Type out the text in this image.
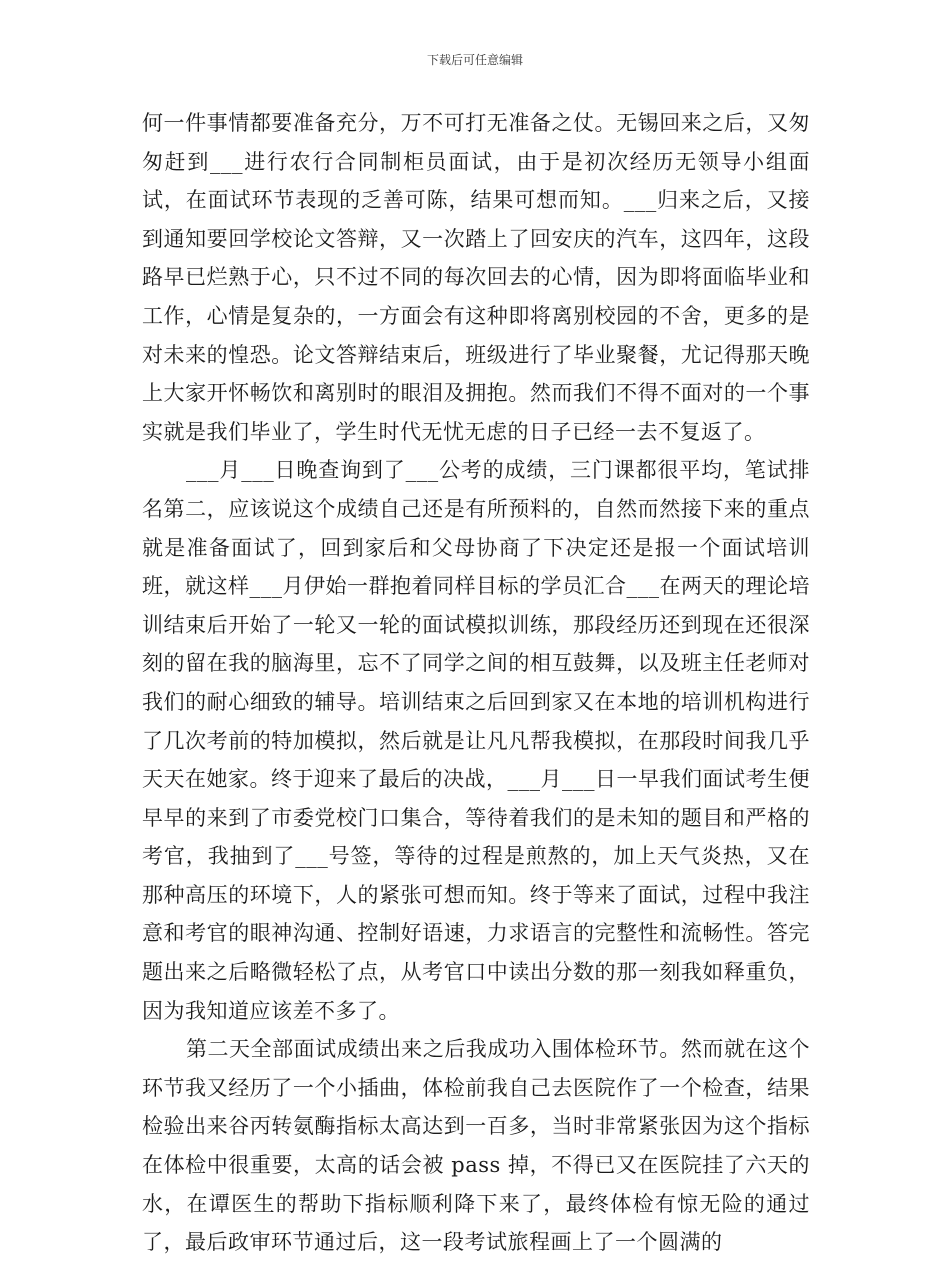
下载后可任意编辑

何一件事情都要准备充分，万不可打无准备之仗。无锡回来之后，又匆匆赶到___进行农行合同制柜员面试，由于是初次经历无领导小组面试，在面试环节表现的乏善可陈，结果可想而知。___归来之后，又接到通知要回学校论文答辩，又一次踏上了回安庆的汽车，这四年，这段路早已烂熟于心，只不过不同的每次回去的心情，因为即将面临毕业和工作，心情是复杂的，一方面会有这种即将离别校园的不舍，更多的是对未来的惶恐。论文答辩结束后，班级进行了毕业聚餐，尤记得那天晚上大家开怀畅饮和离别时的眼泪及拥抱。然而我们不得不面对的一个事实就是我们毕业了，学生时代无忧无虑的日子已经一去不复返了。

___月___日晚查询到了___公考的成绩，三门课都很平均，笔试排名第二，应该说这个成绩自己还是有所预料的，自然而然接下来的重点就是准备面试了，回到家后和父母协商了下决定还是报一个面试培训班，就这样___月伊始一群抱着同样目标的学员汇合___在两天的理论培训结束后开始了一轮又一轮的面试模拟训练，那段经历还到现在还很深刻的留在我的脑海里，忘不了同学之间的相互鼓舞，以及班主任老师对我们的耐心细致的辅导。培训结束之后回到家又在本地的培训机构进行了几次考前的特加模拟，然后就是让凡凡帮我模拟，在那段时间我几乎天天在她家。终于迎来了最后的决战，___月___日一早我们面试考生便早早的来到了市委党校门口集合，等待着我们的是未知的题目和严格的考官，我抽到了___号签，等待的过程是煎熬的，加上天气炎热，又在那种高压的环境下，人的紧张可想而知。终于等来了面试，过程中我注意和考官的眼神沟通、控制好语速，力求语言的完整性和流畅性。答完题出来之后略微轻松了点，从考官口中读出分数的那一刻我如释重负，因为我知道应该差不多了。

第二天全部面试成绩出来之后我成功入围体检环节。然而就在这个环节我又经历了一个小插曲，体检前我自己去医院作了一个检查，结果检验出来谷丙转氨酶指标太高达到一百多，当时非常紧张因为这个指标在体检中很重要，太高的话会被 pass 掉，不得已又在医院挂了六天的水，在谭医生的帮助下指标顺利降下来了，最终体检有惊无险的通过了，最后政审环节通过后，这一段考试旅程画上了一个圆满的
